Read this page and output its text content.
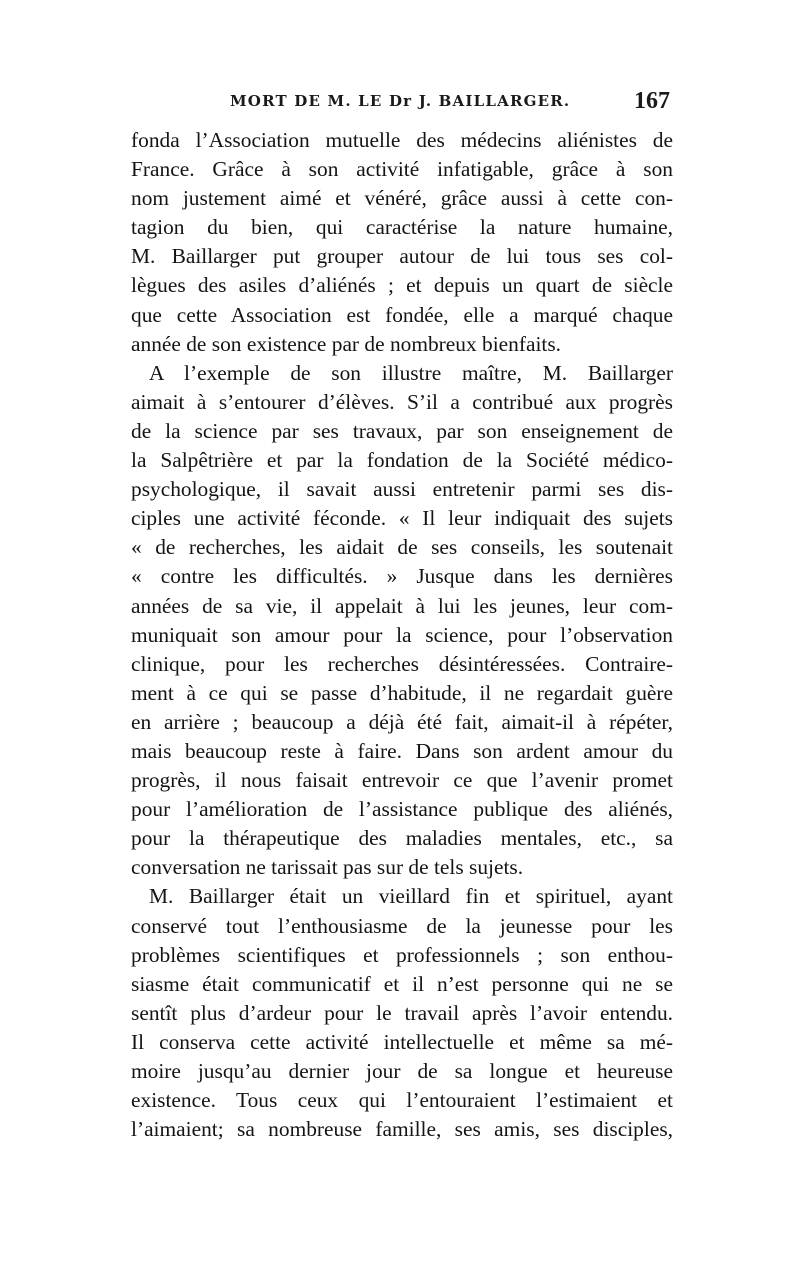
MORT DE M. LE Dr J. BAILLARGER.	167
fonda l’Association mutuelle des médecins aliénistes de
France. Grâce à son activité infatigable, grâce à son
nom justement aimé et vénéré, grâce aussi à cette con-
tagion du bien, qui caractérise la nature humaine,
M. Baillarger put grouper autour de lui tous ses col-
lègues des asiles d’aliénés ; et depuis un quart de siècle
que cette Association est fondée, elle a marqué chaque
année de son existence par de nombreux bienfaits.
A l’exemple de son illustre maître, M. Baillarger
aimait à s’entourer d’élèves. S’il a contribué aux progrès
de la science par ses travaux, par son enseignement de
la Salpêtrière et par la fondation de la Société médico-
psychologique, il savait aussi entretenir parmi ses dis-
ciples une activité féconde. « Il leur indiquait des sujets
« de recherches, les aidait de ses conseils, les soutenait
« contre les difficultés. » Jusque dans les dernières
années de sa vie, il appelait à lui les jeunes, leur com-
muniquait son amour pour la science, pour l’observation
clinique, pour les recherches désintéressées. Contraire-
ment à ce qui se passe d’habitude, il ne regardait guère
en arrière ; beaucoup a déjà été fait, aimait-il à répéter,
mais beaucoup reste à faire. Dans son ardent amour du
progrès, il nous faisait entrevoir ce que l’avenir promet
pour l’amélioration de l’assistance publique des aliénés,
pour la thérapeutique des maladies mentales, etc., sa
conversation ne tarissait pas sur de tels sujets.
M. Baillarger était un vieillard fin et spirituel, ayant
conservé tout l’enthousiasme de la jeunesse pour les
problèmes scientifiques et professionnels ; son enthou-
siasme était communicatif et il n’est personne qui ne se
sentît plus d’ardeur pour le travail après l’avoir entendu.
Il conserva cette activité intellectuelle et même sa mé-
moire jusqu’au dernier jour de sa longue et heureuse
existence. Tous ceux qui l’entouraient l’estimaient et
l’aimaient; sa nombreuse famille, ses amis, ses disciples,
